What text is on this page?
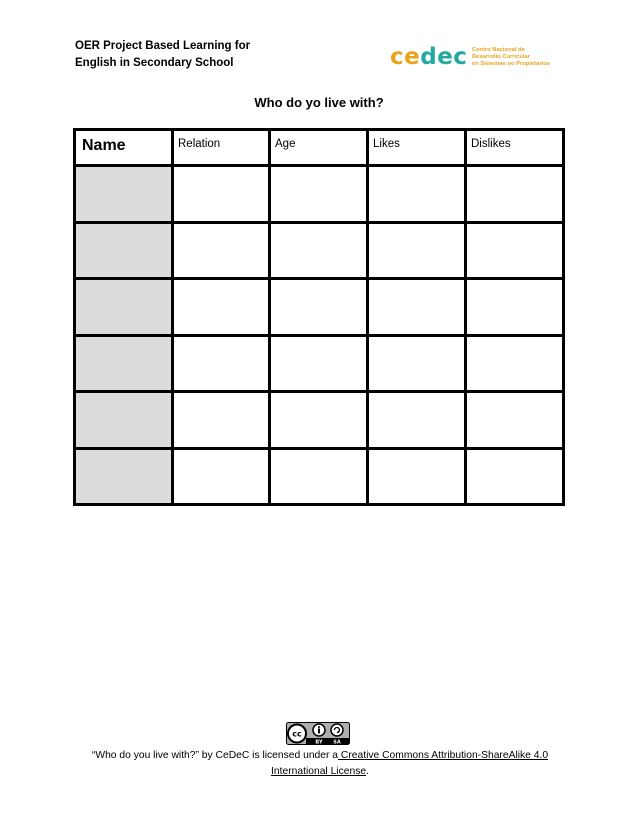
OER Project Based Learning for
English in Secondary School	cedec Centro Nacional de
Desarrollo Curricular
en Sistemas no Propietarios
Who do yo live with?
Name	Relation	Age	Likes	Dislikes

cc
BY SA
“Who do you live with?” by CeDeC is licensed under a Creative Commons Attribution-ShareAlike 4.0
International License.
